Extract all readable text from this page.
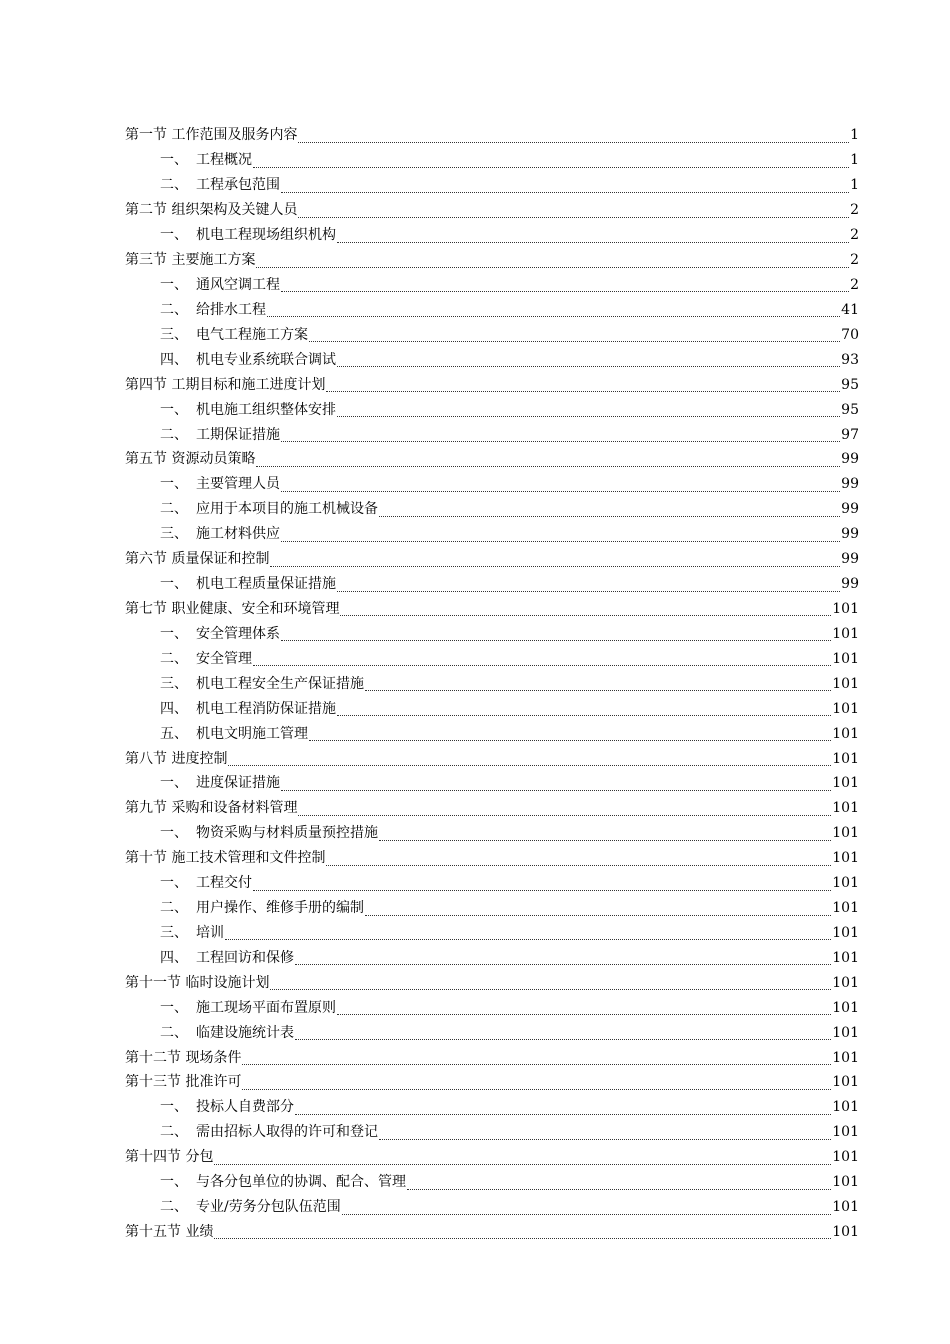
第一节 工作范围及服务内容	1
一、 工程概况	1
二、 工程承包范围	1
第二节 组织架构及关键人员	2
一、 机电工程现场组织机构	2
第三节 主要施工方案	2
一、 通风空调工程	2
二、 给排水工程	41
三、 电气工程施工方案	70
四、 机电专业系统联合调试	93
第四节 工期目标和施工进度计划	95
一、 机电施工组织整体安排	95
二、 工期保证措施	97
第五节 资源动员策略	99
一、 主要管理人员	99
二、 应用于本项目的施工机械设备	99
三、 施工材料供应	99
第六节 质量保证和控制	99
一、 机电工程质量保证措施	99
第七节 职业健康、安全和环境管理	101
一、 安全管理体系	101
二、 安全管理	101
三、 机电工程安全生产保证措施	101
四、 机电工程消防保证措施	101
五、 机电文明施工管理	101
第八节 进度控制	101
一、 进度保证措施	101
第九节 采购和设备材料管理	101
一、 物资采购与材料质量预控措施	101
第十节 施工技术管理和文件控制	101
一、 工程交付	101
二、 用户操作、维修手册的编制	101
三、 培训	101
四、 工程回访和保修	101
第十一节 临时设施计划	101
一、 施工现场平面布置原则	101
二、 临建设施统计表	101
第十二节 现场条件	101
第十三节 批准许可	101
一、 投标人自费部分	101
二、 需由招标人取得的许可和登记	101
第十四节 分包	101
一、 与各分包单位的协调、配合、管理	101
二、 专业/劳务分包队伍范围	101
第十五节 业绩	101
